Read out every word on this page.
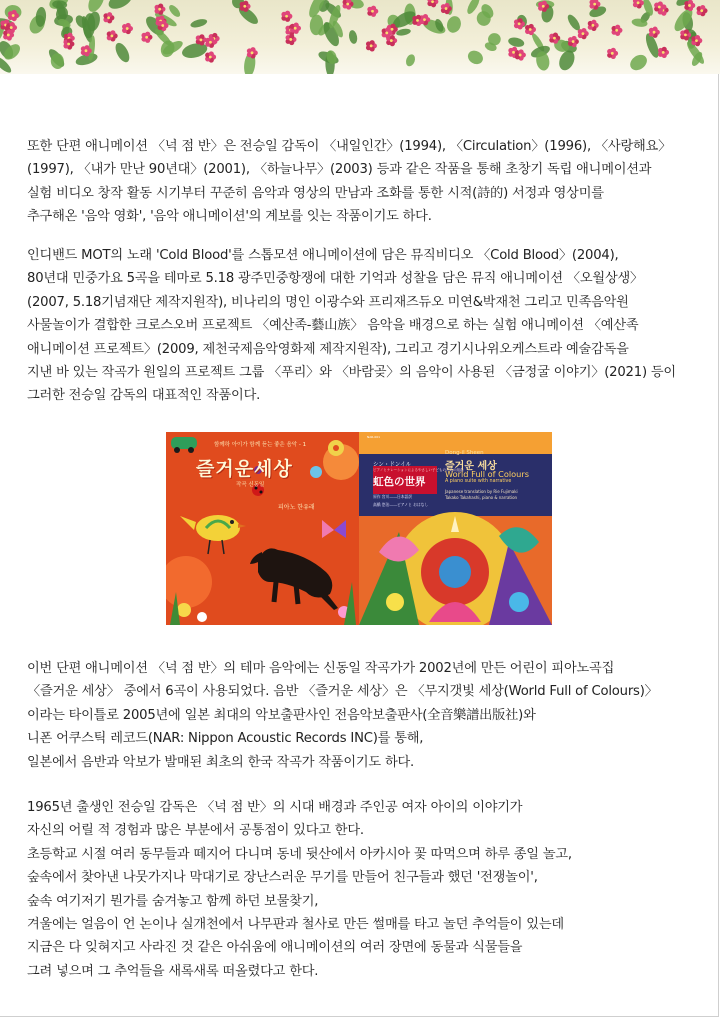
또한 단편 애니메이션 〈넉 점 반〉은 전승일 감독이 〈내일인간〉(1994), 〈Circulation〉(1996), 〈사랑해요〉
(1997), 〈내가 만난 90년대〉(2001), 〈하늘나무〉(2003) 등과 같은 작품을 통해 초창기 독립 애니메이션과
실험 비디오 창작 활동 시기부터 꾸준히 음악과 영상의 만남과 조화를 통한 시적(詩的) 서정과 영상미를
추구해온 '음악 영화', '음악 애니메이션'의 계보를 잇는 작품이기도 하다.
인디밴드 MOT의 노래 'Cold Blood'를 스톱모션 애니메이션에 담은 뮤직비디오 〈Cold Blood〉(2004),
80년대 민중가요 5곡을 테마로 5.18 광주민중항쟁에 대한 기억과 성찰을 담은 뮤직 애니메이션 〈오월상생〉
(2007, 5.18기념재단 제작지원작), 비나리의 명인 이광수와 프리재즈듀오 미연&박재천 그리고 민족음악원
사물놀이가 결합한 크로스오버 프로젝트 〈예산족-藝山族〉 음악을 배경으로 하는 실험 애니메이션 〈예산족
애니메이션 프로젝트〉(2009, 제천국제음악영화제 제작지원작), 그리고 경기시나위오케스트라 예술감독을
지낸 바 있는 작곡가 원일의 프로젝트 그룹 〈푸리〉와 〈바람곶〉의 음악이 사용된 〈금정굴 이야기〉(2021) 등이
그러한 전승일 감독의 대표적인 작품이다.
함께하 아이가 함께 듣는 좋은 음악 - 1
즐거운세상
작곡 신동일
피아노 한유래
NAR-001
シン・ドンイル
ピアノとナレーションによるやさしい子どものための組曲
虹色の世界
原作 宮川――日本語訳
高橋 悠治――ピアノと おはなし
Dong-il Sheen
즐거운 세상
World Full of Colours
A piano suite with narrative
Japanese translation by Rie Fujimaki
Takako Takahashi, piano & narration
이번 단편 애니메이션 〈넉 점 반〉의 테마 음악에는 신동일 작곡가가 2002년에 만든 어린이 피아노곡집
〈즐거운 세상〉 중에서 6곡이 사용되었다. 음반 〈즐거운 세상〉은 〈무지갯빛 세상(World Full of Colours)〉
이라는 타이틀로 2005년에 일본 최대의 악보출판사인 전음악보출판사(全音樂譜出版社)와
니폰 어쿠스틱 레코드(NAR: Nippon Acoustic Records INC)를 통해,
일본에서 음반과 악보가 발매된 최초의 한국 작곡가 작품이기도 하다.
1965년 출생인 전승일 감독은 〈넉 점 반〉의 시대 배경과 주인공 여자 아이의 이야기가
자신의 어릴 적 경험과 많은 부분에서 공통점이 있다고 한다.
초등학교 시절 여러 동무들과 떼지어 다니며 동네 뒷산에서 아카시아 꽃 따먹으며 하루 종일 놀고,
숲속에서 찾아낸 나뭇가지나 막대기로 장난스러운 무기를 만들어 친구들과 했던 '전쟁놀이',
숲속 여기저기 뭔가를 숨겨놓고 함께 하던 보물찾기,
겨울에는 얼음이 언 논이나 실개천에서 나무판과 철사로 만든 썰매를 타고 놀던 추억들이 있는데
지금은 다 잊혀지고 사라진 것 같은 아쉬움에 애니메이션의 여러 장면에 동물과 식물들을
그려 넣으며 그 추억들을 새록새록 떠올렸다고 한다.
